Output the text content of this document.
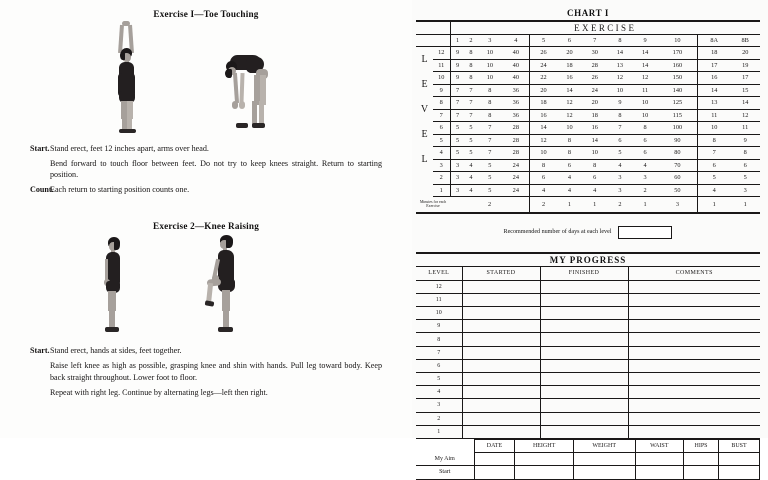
Exercise I—Toe Touching
Start. Stand erect, feet 12 inches apart, arms over head.
Bend forward to touch floor between feet. Do not try to keep knees straight. Return to starting position.
Count.
Each return to starting position counts one.
Exercise 2—Knee Raising
Start. Stand erect, hands at sides, feet together.
Raise left knee as high as possible, grasping knee and shin with hands. Pull leg toward body. Keep back straight throughout. Lower foot to floor.
Repeat with right leg. Continue by alternating legs—left then right.
CHART I
		EXERCISE											
		1	2	3	4	5	6	7	8	9	10	8A	8B
L	12	9	8	10	40	26	20	30	14	14	170	18	20
	11	9	8	10	40	24	18	28	13	14	160	17	19
E	10	9	8	10	40	22	16	26	12	12	150	16	17
	9	7	7	8	36	20	14	24	10	11	140	14	15
V	8	7	7	8	36	18	12	20	9	10	125	13	14
	7	7	7	8	36	16	12	18	8	10	115	11	12
E	6	5	5	7	28	14	10	16	7	8	100	10	11
	5	5	5	7	28	12	8	14	6	6	90	8	9
L	4	5	5	7	28	10	8	10	5	6	80	7	8
	3	3	4	5	24	8	6	8	4	4	70	6	6
	2	3	4	5	24	6	4	6	3	3	60	5	5
	1	3	4	5	24	4	4	4	3	2	50	4	3
Minutes for each Exercise		2				2	1	1	2	1	3	1	1
Recommended number of days at each level
MY PROGRESS
LEVEL	STARTED	FINISHED	COMMENTS
12			
11			
10			
9			
8			
7			
6			
5			
4			
3			
2			
1			
	DATE	HEIGHT	WEIGHT	WAIST	HIPS	BUST
My Aim						
Start						
